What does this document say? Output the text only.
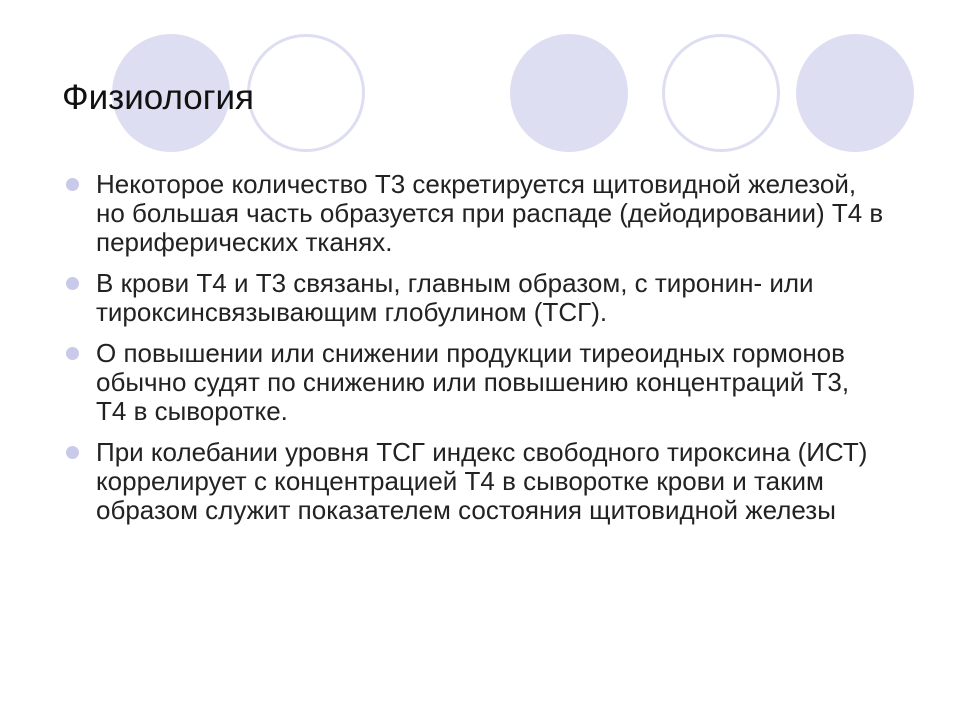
Физиология
Некоторое количество Т3 секретируется щитовидной железой, но большая часть образуется при распаде (дейодировании) Т4 в периферических тканях.
В крови Т4 и Т3 связаны, главным образом, с тиронин- или тироксинсвязывающим глобулином (ТСГ).
О повышении или снижении продукции тиреоидных гормонов обычно судят по снижению или повышению концентраций Т3, Т4 в сыворотке.
При колебании уровня ТСГ индекс свободного тироксина (ИСТ) коррелирует с концентрацией Т4 в сыворотке крови и таким образом служит показателем состояния щитовидной железы
